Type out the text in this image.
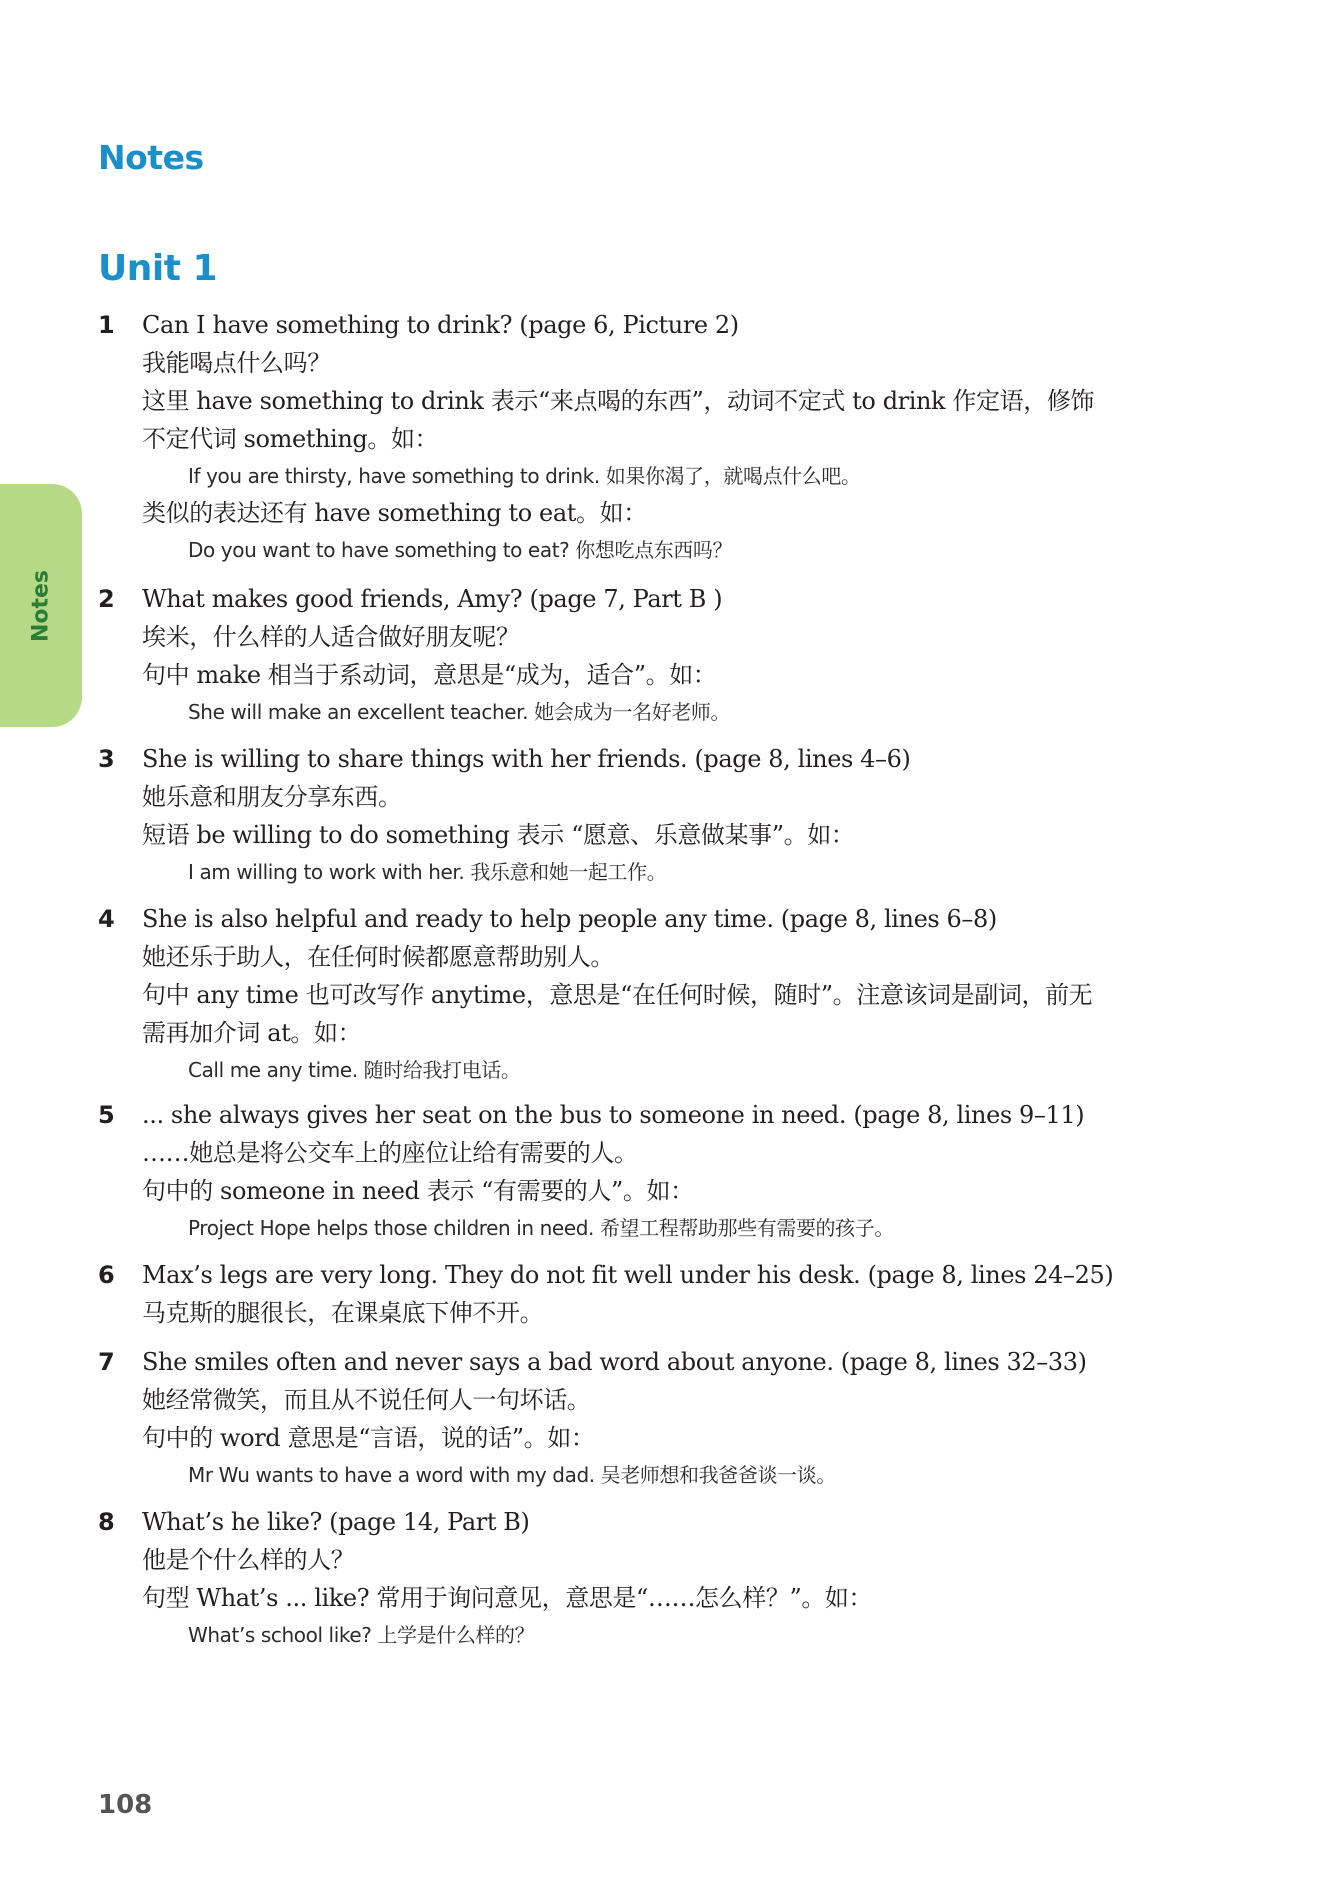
Notes
Unit 1
Notes
1 Can I have something to drink? (page 6, Picture 2)
我能喝点什么吗？
这里 have something to drink 表示“来点喝的东西”，动词不定式 to drink 作定语，修饰
不定代词 something。如：
If you are thirsty, have something to drink. 如果你渴了，就喝点什么吧。
类似的表达还有 have something to eat。如：
Do you want to have something to eat? 你想吃点东西吗？
2 What makes good friends, Amy? (page 7, Part B )
埃米，什么样的人适合做好朋友呢？
句中 make 相当于系动词，意思是“成为，适合”。如：
She will make an excellent teacher. 她会成为一名好老师。
3 She is willing to share things with her friends. (page 8, lines 4–6)
她乐意和朋友分享东西。
短语 be willing to do something 表示 “愿意、乐意做某事”。如：
I am willing to work with her. 我乐意和她一起工作。
4 She is also helpful and ready to help people any time. (page 8, lines 6–8)
她还乐于助人，在任何时候都愿意帮助别人。
句中 any time 也可改写作 anytime，意思是“在任何时候，随时”。注意该词是副词，前无
需再加介词 at。如：
Call me any time. 随时给我打电话。
5 ... she always gives her seat on the bus to someone in need. (page 8, lines 9–11)
……她总是将公交车上的座位让给有需要的人。
句中的 someone in need 表示 “有需要的人”。如：
Project Hope helps those children in need. 希望工程帮助那些有需要的孩子。
6 Max’s legs are very long. They do not fit well under his desk. (page 8, lines 24–25)
马克斯的腿很长，在课桌底下伸不开。
7 She smiles often and never says a bad word about anyone. (page 8, lines 32–33)
她经常微笑，而且从不说任何人一句坏话。
句中的 word 意思是“言语，说的话”。如：
Mr Wu wants to have a word with my dad. 吴老师想和我爸爸谈一谈。
8 What’s he like? (page 14, Part B)
他是个什么样的人？
句型 What’s ... like? 常用于询问意见，意思是“……怎么样？”。如：
What’s school like? 上学是什么样的？
108
